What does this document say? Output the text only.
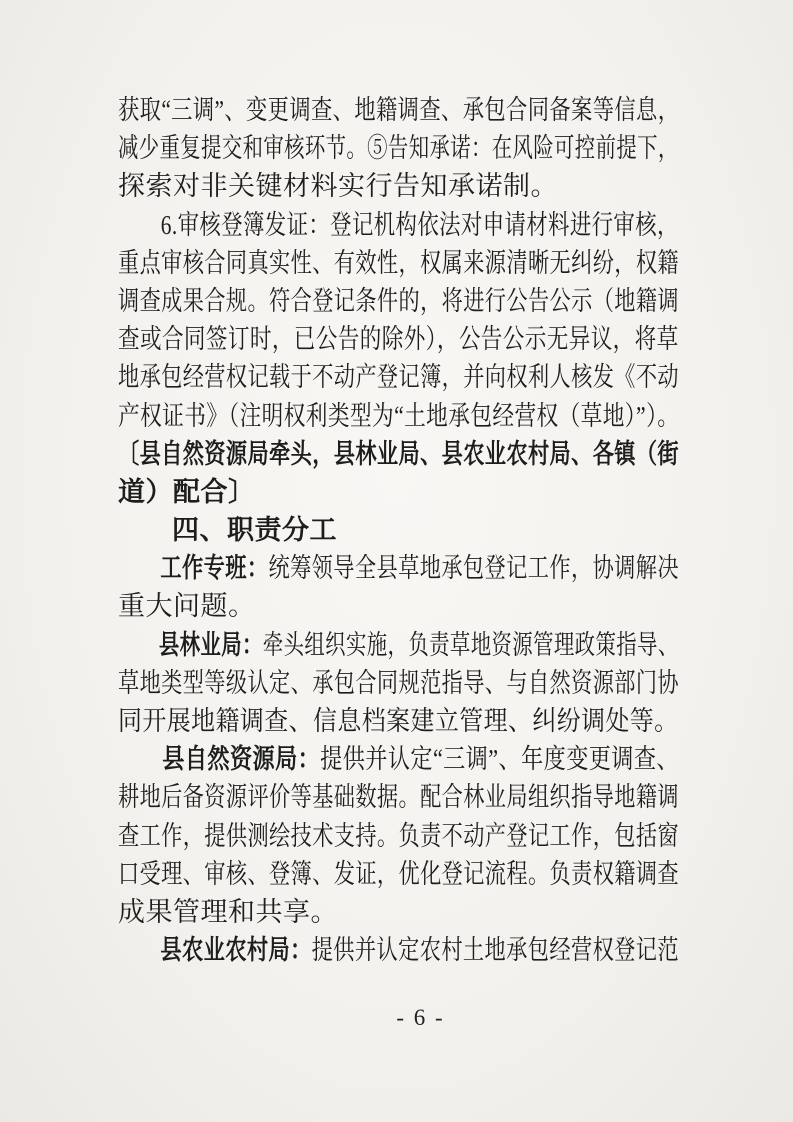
获取“三调”、变更调查、地籍调查、承包合同备案等信息，
减少重复提交和审核环节。⑤告知承诺：在风险可控前提下，
探索对非关键材料实行告知承诺制。
6.审核登簿发证：登记机构依法对申请材料进行审核，
重点审核合同真实性、有效性，权属来源清晰无纠纷，权籍
调查成果合规。符合登记条件的，将进行公告公示（地籍调
查或合同签订时，已公告的除外），公告公示无异议，将草
地承包经营权记载于不动产登记簿，并向权利人核发《不动
产权证书》（注明权利类型为“土地承包经营权（草地）”）。
〔县自然资源局牵头，县林业局、县农业农村局、各镇（街
道）配合〕
四、职责分工
工作专班：统筹领导全县草地承包登记工作，协调解决
重大问题。
县林业局：牵头组织实施，负责草地资源管理政策指导、
草地类型等级认定、承包合同规范指导、与自然资源部门协
同开展地籍调查、信息档案建立管理、纠纷调处等。
县自然资源局：提供并认定“三调”、年度变更调查、
耕地后备资源评价等基础数据。配合林业局组织指导地籍调
查工作，提供测绘技术支持。负责不动产登记工作，包括窗
口受理、审核、登簿、发证，优化登记流程。负责权籍调查
成果管理和共享。
县农业农村局：提供并认定农村土地承包经营权登记范
- 6 -
